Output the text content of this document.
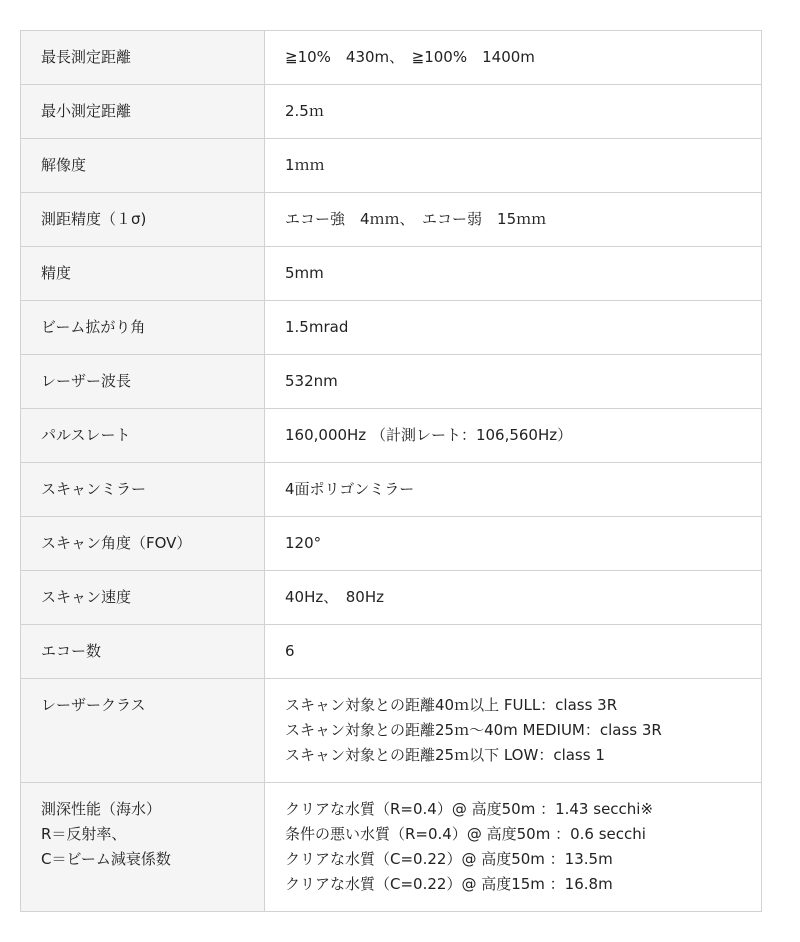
最長測定距離	≧10%　430m、　≧100%　1400m

最小測定距離	2.5ｍ

解像度	1ｍｍ

測距精度（１σ)	エコー強　4ｍｍ、　エコー弱　15ｍｍ

精度	5mm

ビーム拡がり角	1.5mrad

レーザー波長	532nm

パルスレート	160,000Hz （計測レート：106,560Hz）

スキャンミラー	4面ポリゴンミラー

スキャン角度（FOV）	120°

スキャン速度	40Hz、　80Hz

エコー数	6

レーザークラス	スキャン対象との距離40ｍ以上 FULL：class 3R
スキャン対象との距離25ｍ～40m MEDIUM：class 3R
スキャン対象との距離25ｍ以下 LOW：class 1

測深性能（海水）
R＝反射率、
C＝ビーム減衰係数	クリアな水質（R=0.4）@ 高度50m ：1.43 secchi※
条件の悪い水質（R=0.4）@ 高度50m ：0.6 secchi
クリアな水質（C=0.22）@ 高度50m ：13.5m
クリアな水質（C=0.22）@ 高度15m ：16.8m
